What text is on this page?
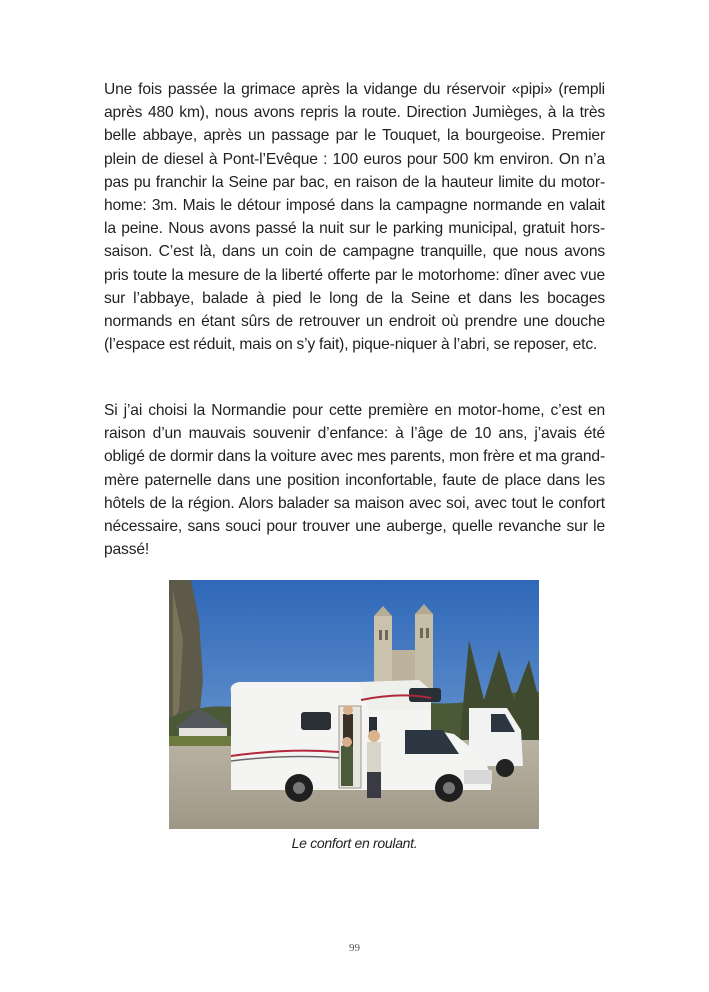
Une fois passée la grimace après la vidange du réservoir «pipi» (rempli après 480 km), nous avons repris la route. Direction Jumièges, à la très belle abbaye, après un passage par le Touquet, la bourgeoise. Premier plein de diesel à Pont-l’Evêque : 100 euros pour 500 km environ. On n’a pas pu franchir la Seine par bac, en raison de la hauteur limite du motor-home: 3m. Mais le détour imposé dans la campagne normande en valait la peine. Nous avons passé la nuit sur le parking municipal, gratuit hors-saison. C’est là, dans un coin de campagne tranquille, que nous avons pris toute la mesure de la liberté offerte par le motorhome: dîner avec vue sur l’abbaye, balade à pied le long de la Seine et dans les bocages normands en étant sûrs de retrouver un endroit où prendre une douche (l’espace est réduit, mais on s’y fait), pique-niquer à l’abri, se reposer, etc.

Si j’ai choisi la Normandie pour cette première en motor-home, c’est en raison d’un mauvais souvenir d’enfance: à l’âge de 10 ans, j’avais été obligé de dormir dans la voiture avec mes parents, mon frère et ma grand-mère paternelle dans une position inconfortable, faute de place dans les hôtels de la région. Alors balader sa maison avec soi, avec tout le confort nécessaire, sans souci pour trouver une auberge, quelle revanche sur le passé!

Le confort en roulant.
99
